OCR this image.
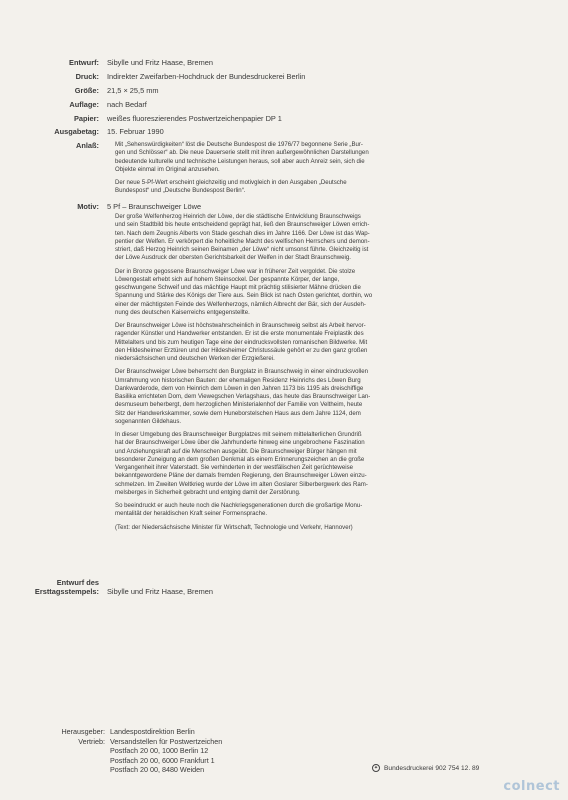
Entwurf:	Sibylle und Fritz Haase, Bremen
Druck:	Indirekter Zweifarben-Hochdruck der Bundesdruckerei Berlin
Größe:	21,5 × 25,5 mm
Auflage:	nach Bedarf
Papier:	weißes fluoreszierendes Postwertzeichenpapier DP 1
Ausgabetag:	15. Februar 1990
Anlaß:	Mit „Sehenswürdigkeiten“ löst die Deutsche Bundespost die 1976/77 begonnene Serie „Bur-
gen und Schlösser“ ab. Die neue Dauerserie stellt mit ihren außergewöhnlichen Darstellungen
bedeutende kulturelle und technische Leistungen heraus, soll aber auch Anreiz sein, sich die
Objekte einmal im Original anzusehen.
Der neue 5-Pf-Wert erscheint gleichzeitig und motivgleich in den Ausgaben „Deutsche
Bundespost“ und „Deutsche Bundespost Berlin“.
Motiv:	5 Pf – Braunschweiger Löwe
Der große Welfenherzog Heinrich der Löwe, der die städtische Entwicklung Braunschweigs
und sein Stadtbild bis heute entscheidend geprägt hat, ließ den Braunschweiger Löwen errich-
ten. Nach dem Zeugnis Alberts von Stade geschah dies im Jahre 1166. Der Löwe ist das Wap-
pentier der Welfen. Er verkörpert die hoheitliche Macht des welfischen Herrschers und demon-
striert, daß Herzog Heinrich seinen Beinamen „der Löwe“ nicht umsonst führte. Gleichzeitig ist
der Löwe Ausdruck der obersten Gerichtsbarkeit der Welfen in der Stadt Braunschweig.
Der in Bronze gegossene Braunschweiger Löwe war in früherer Zeit vergoldet. Die stolze
Löwengestalt erhebt sich auf hohem Steinsockel. Der gespannte Körper, der lange,
geschwungene Schweif und das mächtige Haupt mit prächtig stilisierter Mähne drücken die
Spannung und Stärke des Königs der Tiere aus. Sein Blick ist nach Osten gerichtet, dorthin, wo
einer der mächtigsten Feinde des Welfenherzogs, nämlich Albrecht der Bär, sich der Ausdeh-
nung des deutschen Kaiserreichs entgegenstellte.
Der Braunschweiger Löwe ist höchstwahrscheinlich in Braunschweig selbst als Arbeit hervor-
ragender Künstler und Handwerker entstanden. Er ist die erste monumentale Freiplastik des
Mittelalters und bis zum heutigen Tage eine der eindrucksvollsten romanischen Bildwerke. Mit
den Hildesheimer Erztüren und der Hildesheimer Christussäule gehört er zu den ganz großen
niedersächsischen und deutschen Werken der Erzgießerei.
Der Braunschweiger Löwe beherrscht den Burgplatz in Braunschweig in einer eindrucksvollen
Umrahmung von historischen Bauten: der ehemaligen Residenz Heinrichs des Löwen Burg
Dankwarderode, dem von Heinrich dem Löwen in den Jahren 1173 bis 1195 als dreischiffige
Basilika errichteten Dom, dem Viewegschen Verlagshaus, das heute das Braunschweiger Lan-
desmuseum beherbergt, dem herzoglichen Ministerialenhof der Familie von Veltheim, heute
Sitz der Handwerkskammer, sowie dem Huneborstelschen Haus aus dem Jahre 1124, dem
sogenannten Gildehaus.
In dieser Umgebung des Braunschweiger Burgplatzes mit seinem mittelalterlichen Grundriß
hat der Braunschweiger Löwe über die Jahrhunderte hinweg eine ungebrochene Faszination
und Anziehungskraft auf die Menschen ausgeübt. Die Braunschweiger Bürger hängen mit
besonderer Zuneigung an dem großen Denkmal als einem Erinnerungszeichen an die große
Vergangenheit ihrer Vaterstadt. Sie verhinderten in der westfälischen Zeit gerüchteweise
bekanntgewordene Pläne der damals fremden Regierung, den Braunschweiger Löwen einzu-
schmelzen. Im Zweiten Weltkrieg wurde der Löwe im alten Goslarer Silberbergwerk des Ram-
melsberges in Sicherheit gebracht und entging damit der Zerstörung.
So beeindruckt er auch heute noch die Nachkriegsgenerationen durch die großartige Monu-
mentalität der heraldischen Kraft seiner Formensprache.
(Text: der Niedersächsische Minister für Wirtschaft, Technologie und Verkehr, Hannover)
Entwurf des
Ersttagsstempels:	Sibylle und Fritz Haase, Bremen
Herausgeber: Landespostdirektion Berlin
Vertrieb: Versandstellen für Postwertzeichen
Postfach 20 00, 1000 Berlin 12
Postfach 20 00, 6000 Frankfurt 1
Postfach 20 00, 8480 Weiden	✦ Bundesdruckerei 902 754 12. 89
colnect
